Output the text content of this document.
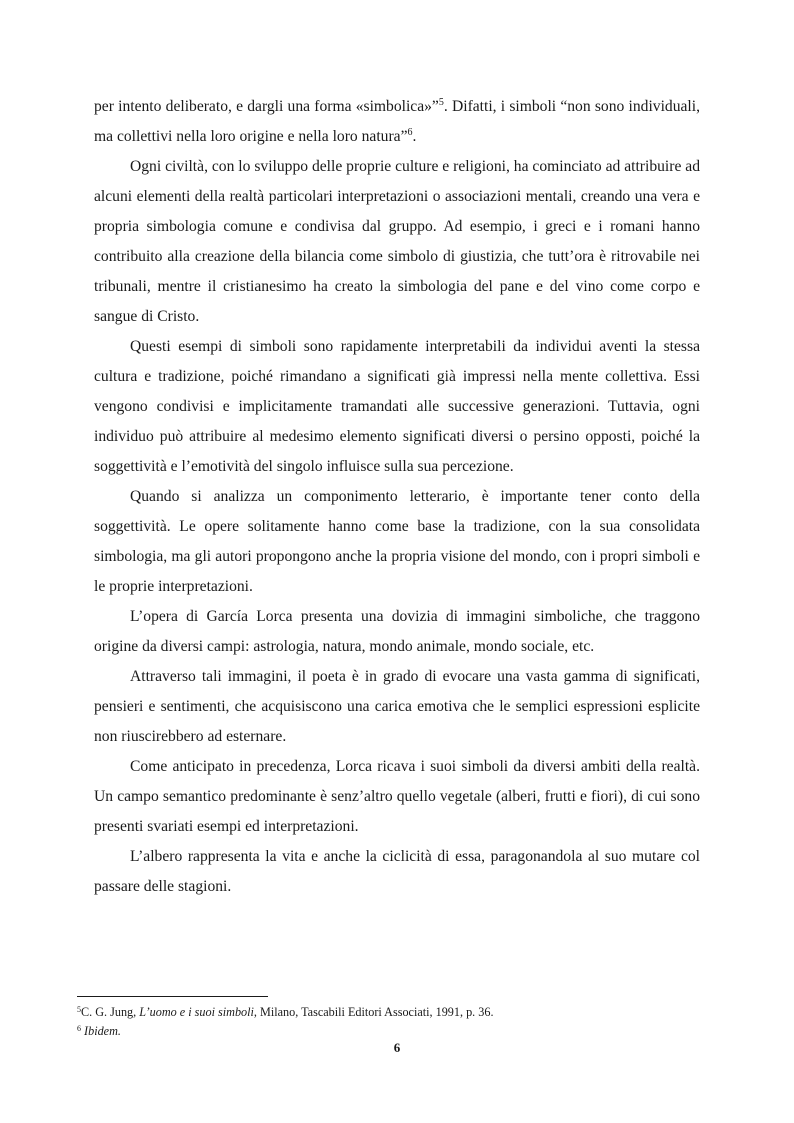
per intento deliberato, e dargli una forma «simbolica»”$^5$. Difatti, i simboli “non sono individuali, ma collettivi nella loro origine e nella loro natura”$^6$.

Ogni civiltà, con lo sviluppo delle proprie culture e religioni, ha cominciato ad attribuire ad alcuni elementi della realtà particolari interpretazioni o associazioni mentali, creando una vera e propria simbologia comune e condivisa dal gruppo. Ad esempio, i greci e i romani hanno contribuito alla creazione della bilancia come simbolo di giustizia, che tutt’ora è ritrovabile nei tribunali, mentre il cristianesimo ha creato la simbologia del pane e del vino come corpo e sangue di Cristo.

Questi esempi di simboli sono rapidamente interpretabili da individui aventi la stessa cultura e tradizione, poiché rimandano a significati già impressi nella mente collettiva. Essi vengono condivisi e implicitamente tramandati alle successive generazioni. Tuttavia, ogni individuo può attribuire al medesimo elemento significati diversi o persino opposti, poiché la soggettività e l’emotività del singolo influisce sulla sua percezione.

Quando si analizza un componimento letterario, è importante tener conto della soggettività. Le opere solitamente hanno come base la tradizione, con la sua consolidata simbologia, ma gli autori propongono anche la propria visione del mondo, con i propri simboli e le proprie interpretazioni.

L’opera di García Lorca presenta una dovizia di immagini simboliche, che traggono origine da diversi campi: astrologia, natura, mondo animale, mondo sociale, etc.

Attraverso tali immagini, il poeta è in grado di evocare una vasta gamma di significati, pensieri e sentimenti, che acquisiscono una carica emotiva che le semplici espressioni esplicite non riuscirebbero ad esternare.

Come anticipato in precedenza, Lorca ricava i suoi simboli da diversi ambiti della realtà. Un campo semantico predominante è senz’altro quello vegetale (alberi, frutti e fiori), di cui sono presenti svariati esempi ed interpretazioni.

L’albero rappresenta la vita e anche la ciclicità di essa, paragonandola al suo mutare col passare delle stagioni.

$^5$C. G. Jung, L’uomo e i suoi simboli, Milano, Tascabili Editori Associati, 1991, p. 36.
$^6$ Ibidem.
6
